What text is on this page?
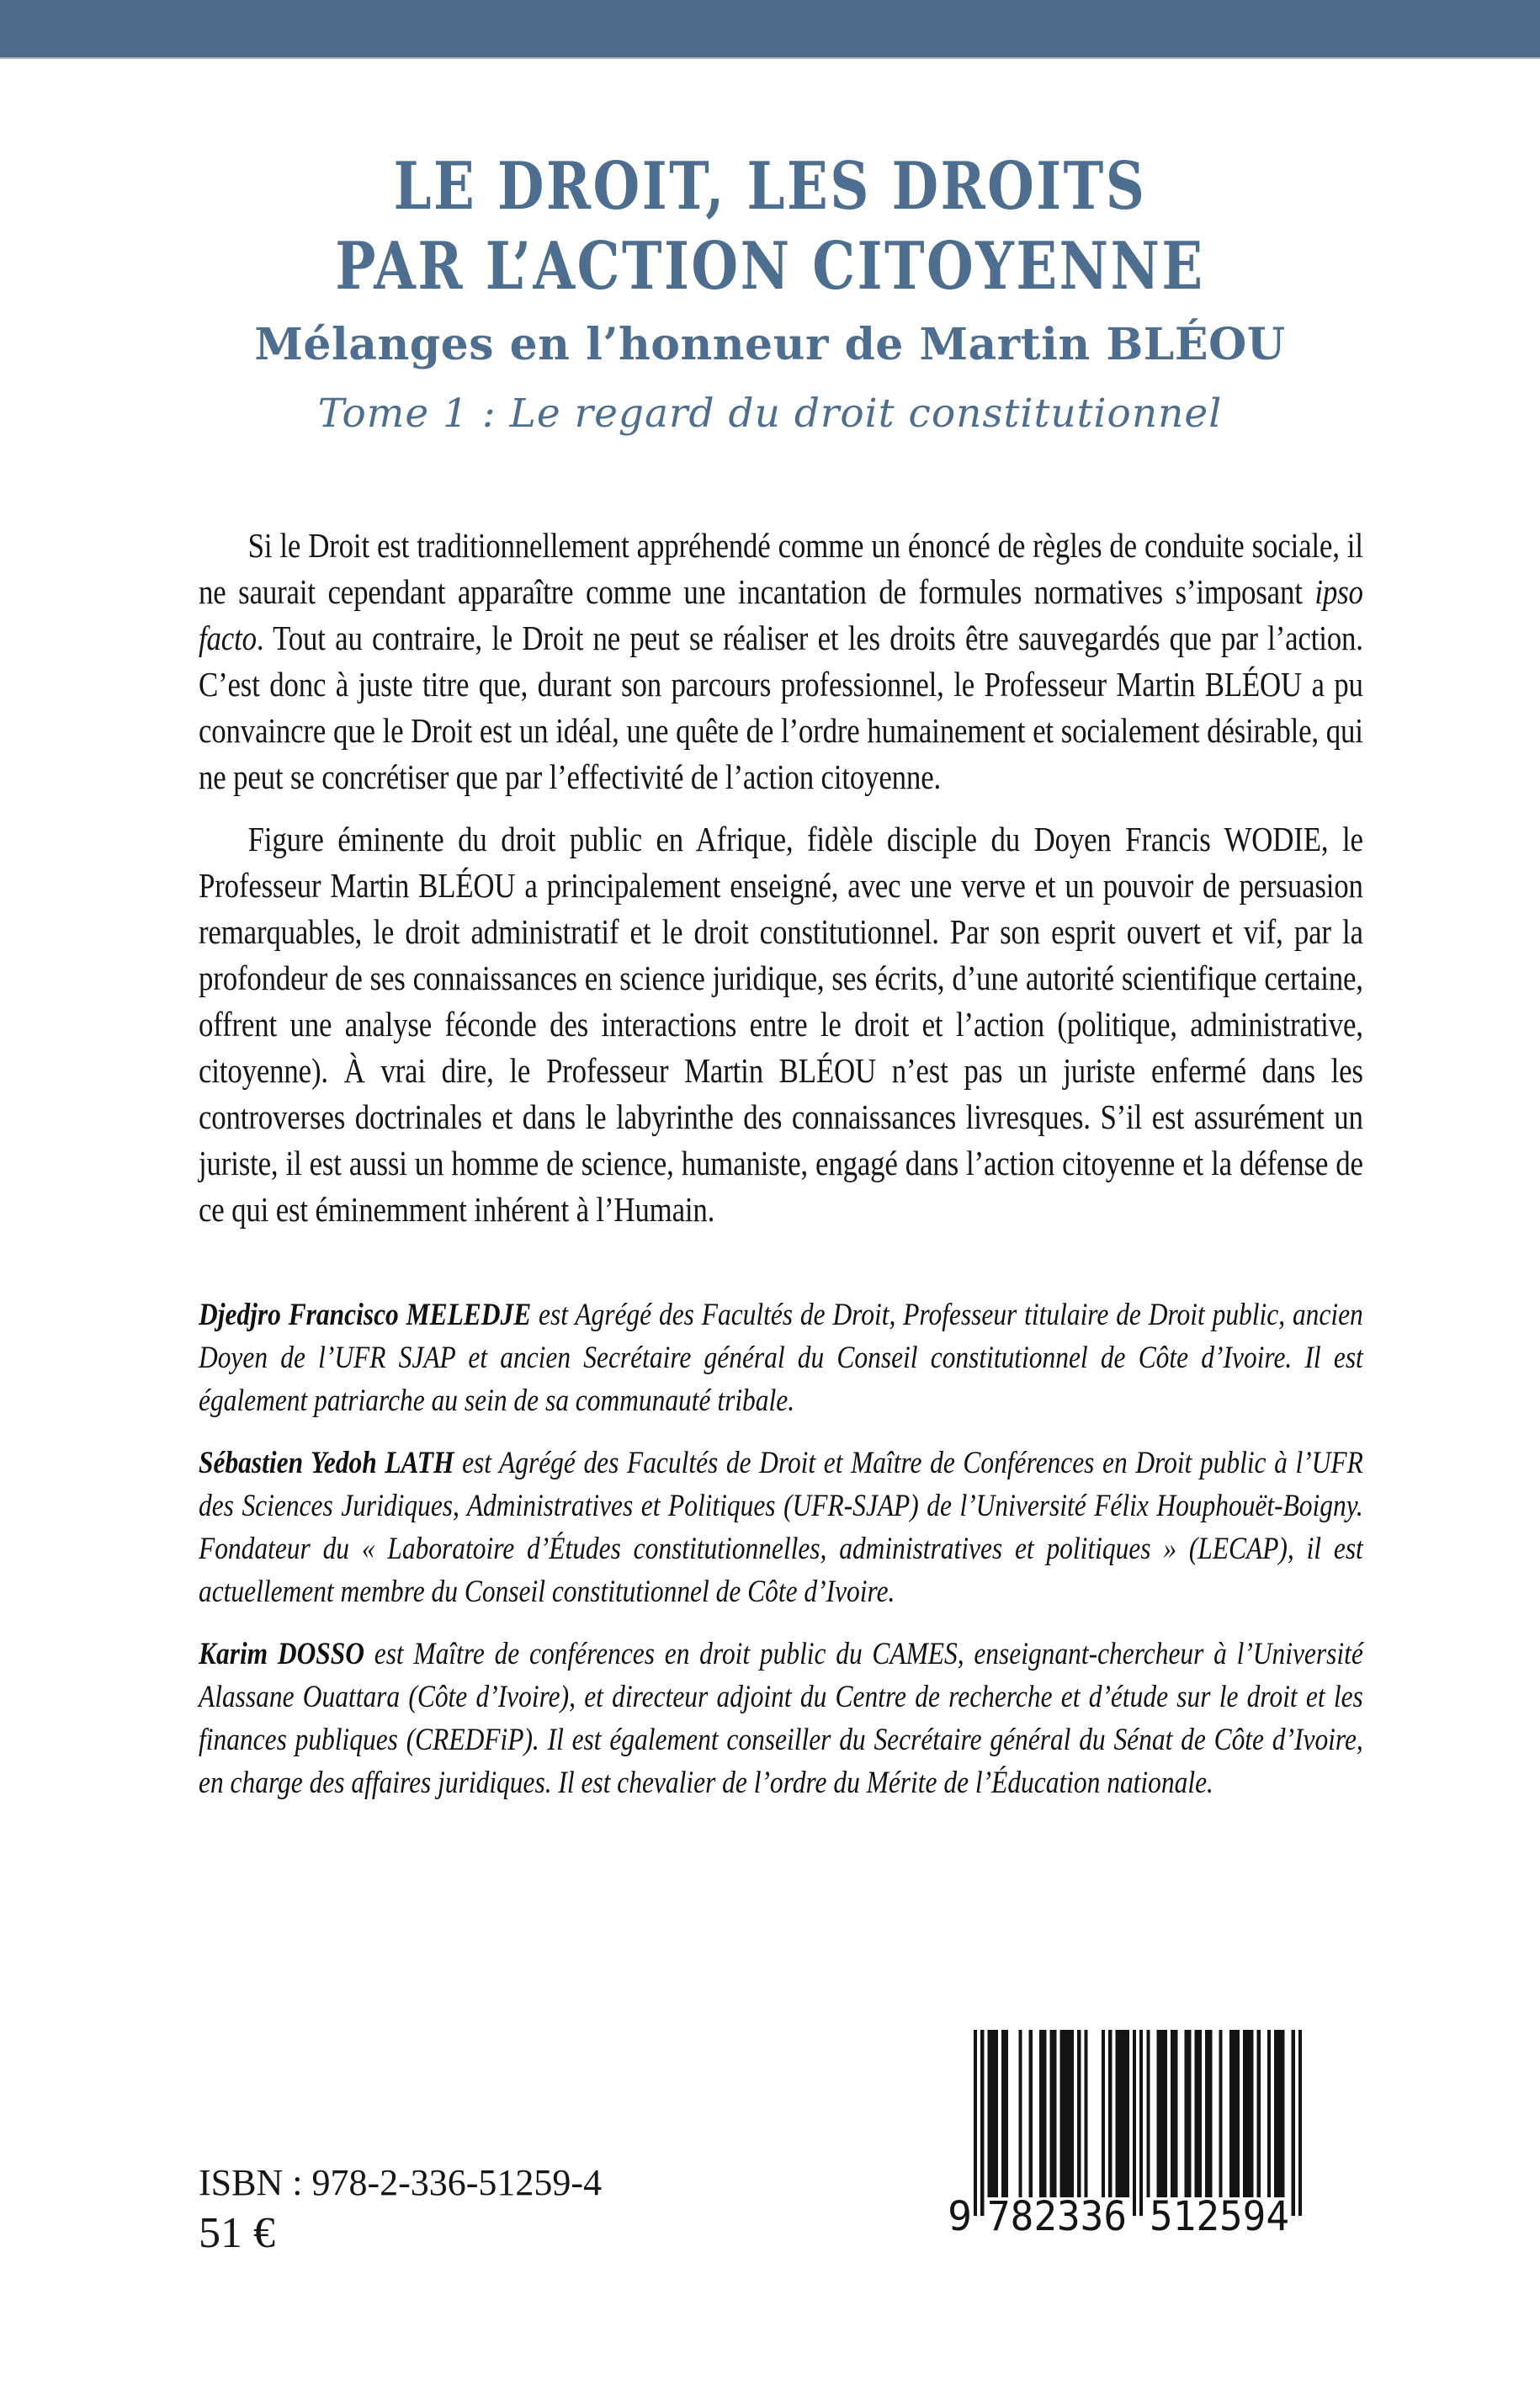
LE DROIT, LES DROITS
PAR L’ACTION CITOYENNE
Mélanges en l’honneur de Martin BLÉOU
Tome 1 : Le regard du droit constitutionnel

Si le Droit est traditionnellement appréhendé comme un énoncé de règles de conduite sociale, il ne saurait cependant apparaître comme une incantation de formules normatives s’imposant ipso facto. Tout au contraire, le Droit ne peut se réaliser et les droits être sauvegardés que par l’action. C’est donc à juste titre que, durant son parcours professionnel, le Professeur Martin BLÉOU a pu convaincre que le Droit est un idéal, une quête de l’ordre humainement et socialement désirable, qui ne peut se concrétiser que par l’effectivité de l’action citoyenne.

Figure éminente du droit public en Afrique, fidèle disciple du Doyen Francis WODIE, le Professeur Martin BLÉOU a principalement enseigné, avec une verve et un pouvoir de persuasion remarquables, le droit administratif et le droit constitutionnel. Par son esprit ouvert et vif, par la profondeur de ses connaissances en science juridique, ses écrits, d’une autorité scientifique certaine, offrent une analyse féconde des interactions entre le droit et l’action (politique, administrative, citoyenne). À vrai dire, le Professeur Martin BLÉOU n’est pas un juriste enfermé dans les controverses doctrinales et dans le labyrinthe des connaissances livresques. S’il est assurément un juriste, il est aussi un homme de science, humaniste, engagé dans l’action citoyenne et la défense de ce qui est éminemment inhérent à l’Humain.

Djedjro Francisco MELEDJE est Agrégé des Facultés de Droit, Professeur titulaire de Droit public, ancien Doyen de l’UFR SJAP et ancien Secrétaire général du Conseil constitutionnel de Côte d’Ivoire. Il est également patriarche au sein de sa communauté tribale.

Sébastien Yedoh LATH est Agrégé des Facultés de Droit et Maître de Conférences en Droit public à l’UFR des Sciences Juridiques, Administratives et Politiques (UFR-SJAP) de l’Université Félix Houphouët-Boigny. Fondateur du « Laboratoire d’Études constitutionnelles, administratives et politiques » (LECAP), il est actuellement membre du Conseil constitutionnel de Côte d’Ivoire.

Karim DOSSO est Maître de conférences en droit public du CAMES, enseignant-chercheur à l’Université Alassane Ouattara (Côte d’Ivoire), et directeur adjoint du Centre de recherche et d’étude sur le droit et les finances publiques (CREDFiP). Il est également conseiller du Secrétaire général du Sénat de Côte d’Ivoire, en charge des affaires juridiques. Il est chevalier de l’ordre du Mérite de l’Éducation nationale.

ISBN : 978-2-336-51259-4
51 €	9 782336 512594
